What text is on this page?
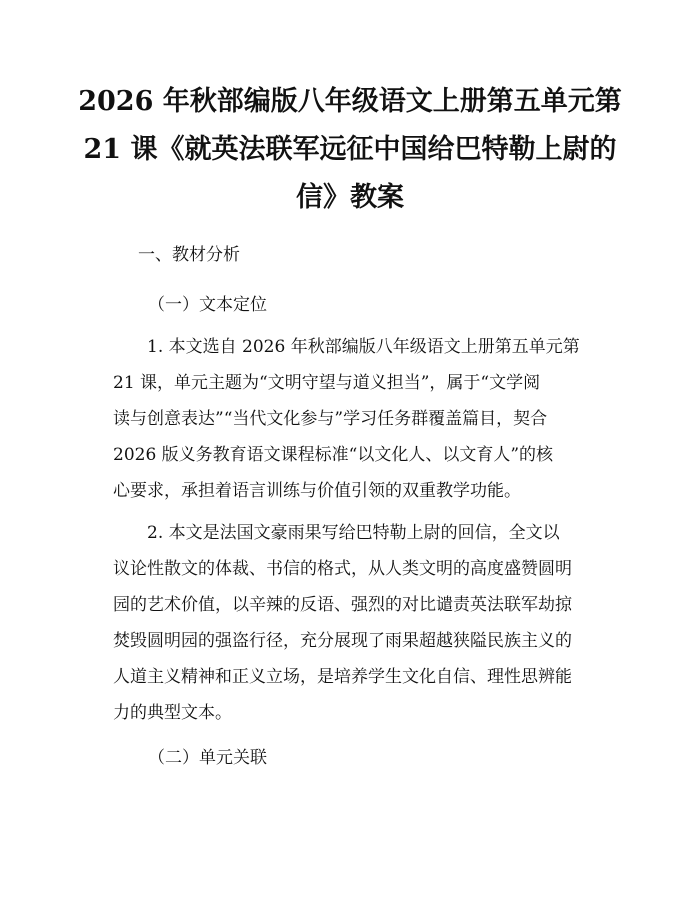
2026 年秋部编版八年级语文上册第五单元第
21 课《就英法联军远征中国给巴特勒上尉的
信》教案

一、教材分析

（一）文本定位

1. 本文选自 2026 年秋部编版八年级语文上册第五单元第
21 课，单元主题为“文明守望与道义担当”，属于“文学阅
读与创意表达”“当代文化参与”学习任务群覆盖篇目，契合
2026 版义务教育语文课程标准“以文化人、以文育人”的核
心要求，承担着语言训练与价值引领的双重教学功能。

2. 本文是法国文豪雨果写给巴特勒上尉的回信，全文以
议论性散文的体裁、书信的格式，从人类文明的高度盛赞圆明
园的艺术价值，以辛辣的反语、强烈的对比谴责英法联军劫掠
焚毁圆明园的强盗行径，充分展现了雨果超越狭隘民族主义的
人道主义精神和正义立场，是培养学生文化自信、理性思辨能
力的典型文本。

（二）单元关联
